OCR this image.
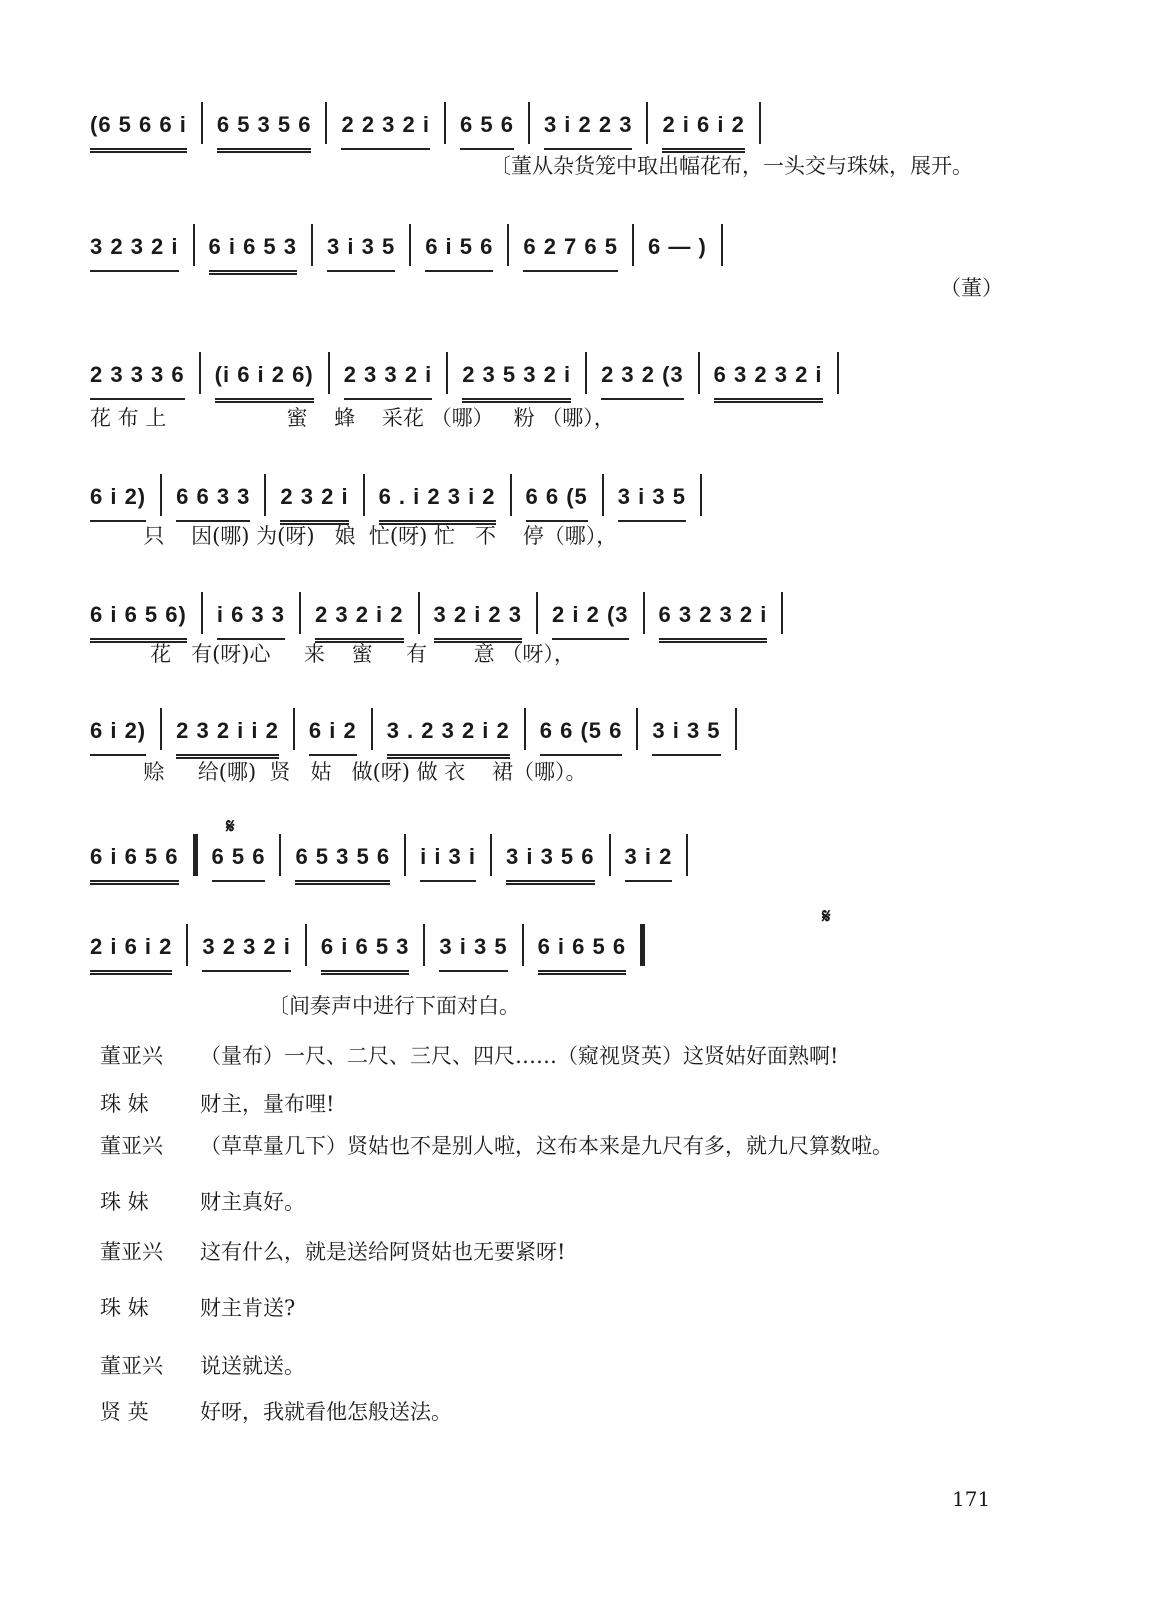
(6 5 6 6 i 6 5 3 5 6 2 2 3 2 i 6 5 6 3 i 2 2 3 2 i 6 i 2
〔董从杂货笼中取出幅花布，一头交与珠妹，展开。
3 2 3 2 i 6 i 6 5 3 3 i 3 5 6 i 5 6 6 2 7 6 5 6 — )
（董）
2 3 3 3 6 (i 6 i 2 6) 2 3 3 2 i 2 3 5 3 2 i 2 3 2 (3 6 3 2 3 2 i
花 布 上                  蜜    蜂    采花 （哪）   粉 （哪），
6 i 2) 6 6 3 3 2 3 2 i 6 . i 2 3 i 2 6 6 (5 3 i 3 5
只    因(哪) 为(呀)   娘  忙(呀) 忙   不    停（哪），
6 i 6 5 6) i 6 3 3 2 3 2 i 2 3 2 i 2 3 2 i 2 (3 6 3 2 3 2 i
花   有(呀)心     来    蜜     有       意 （呀），
6 i 2) 2 3 2 i i 2 6 i 2 3 . 2 3 2 i 2 6 6 (5 6 3 i 3 5
赊     给(哪)  贤   姑   做(呀) 做 衣    裙（哪）。
𝄋
6 i 6 5 6 6 5 6 6 5 3 5 6 i i 3 i 3 i 3 5 6 3 i 2
2 i 6 i 2 3 2 3 2 i 6 i 6 5 3 3 i 3 5 6 i 6 5 6
𝄋
〔间奏声中进行下面对白。
董亚兴 （量布）一尺、二尺、三尺、四尺……（窥视贤英）这贤姑好面熟啊!
珠 妹 财主，量布哩!
董亚兴 （草草量几下）贤姑也不是别人啦，这布本来是九尺有多，就九尺算数啦。
珠 妹 财主真好。
董亚兴 这有什么，就是送给阿贤姑也无要紧呀!
珠 妹 财主肯送?
董亚兴 说送就送。
贤 英 好呀，我就看他怎般送法。
171
